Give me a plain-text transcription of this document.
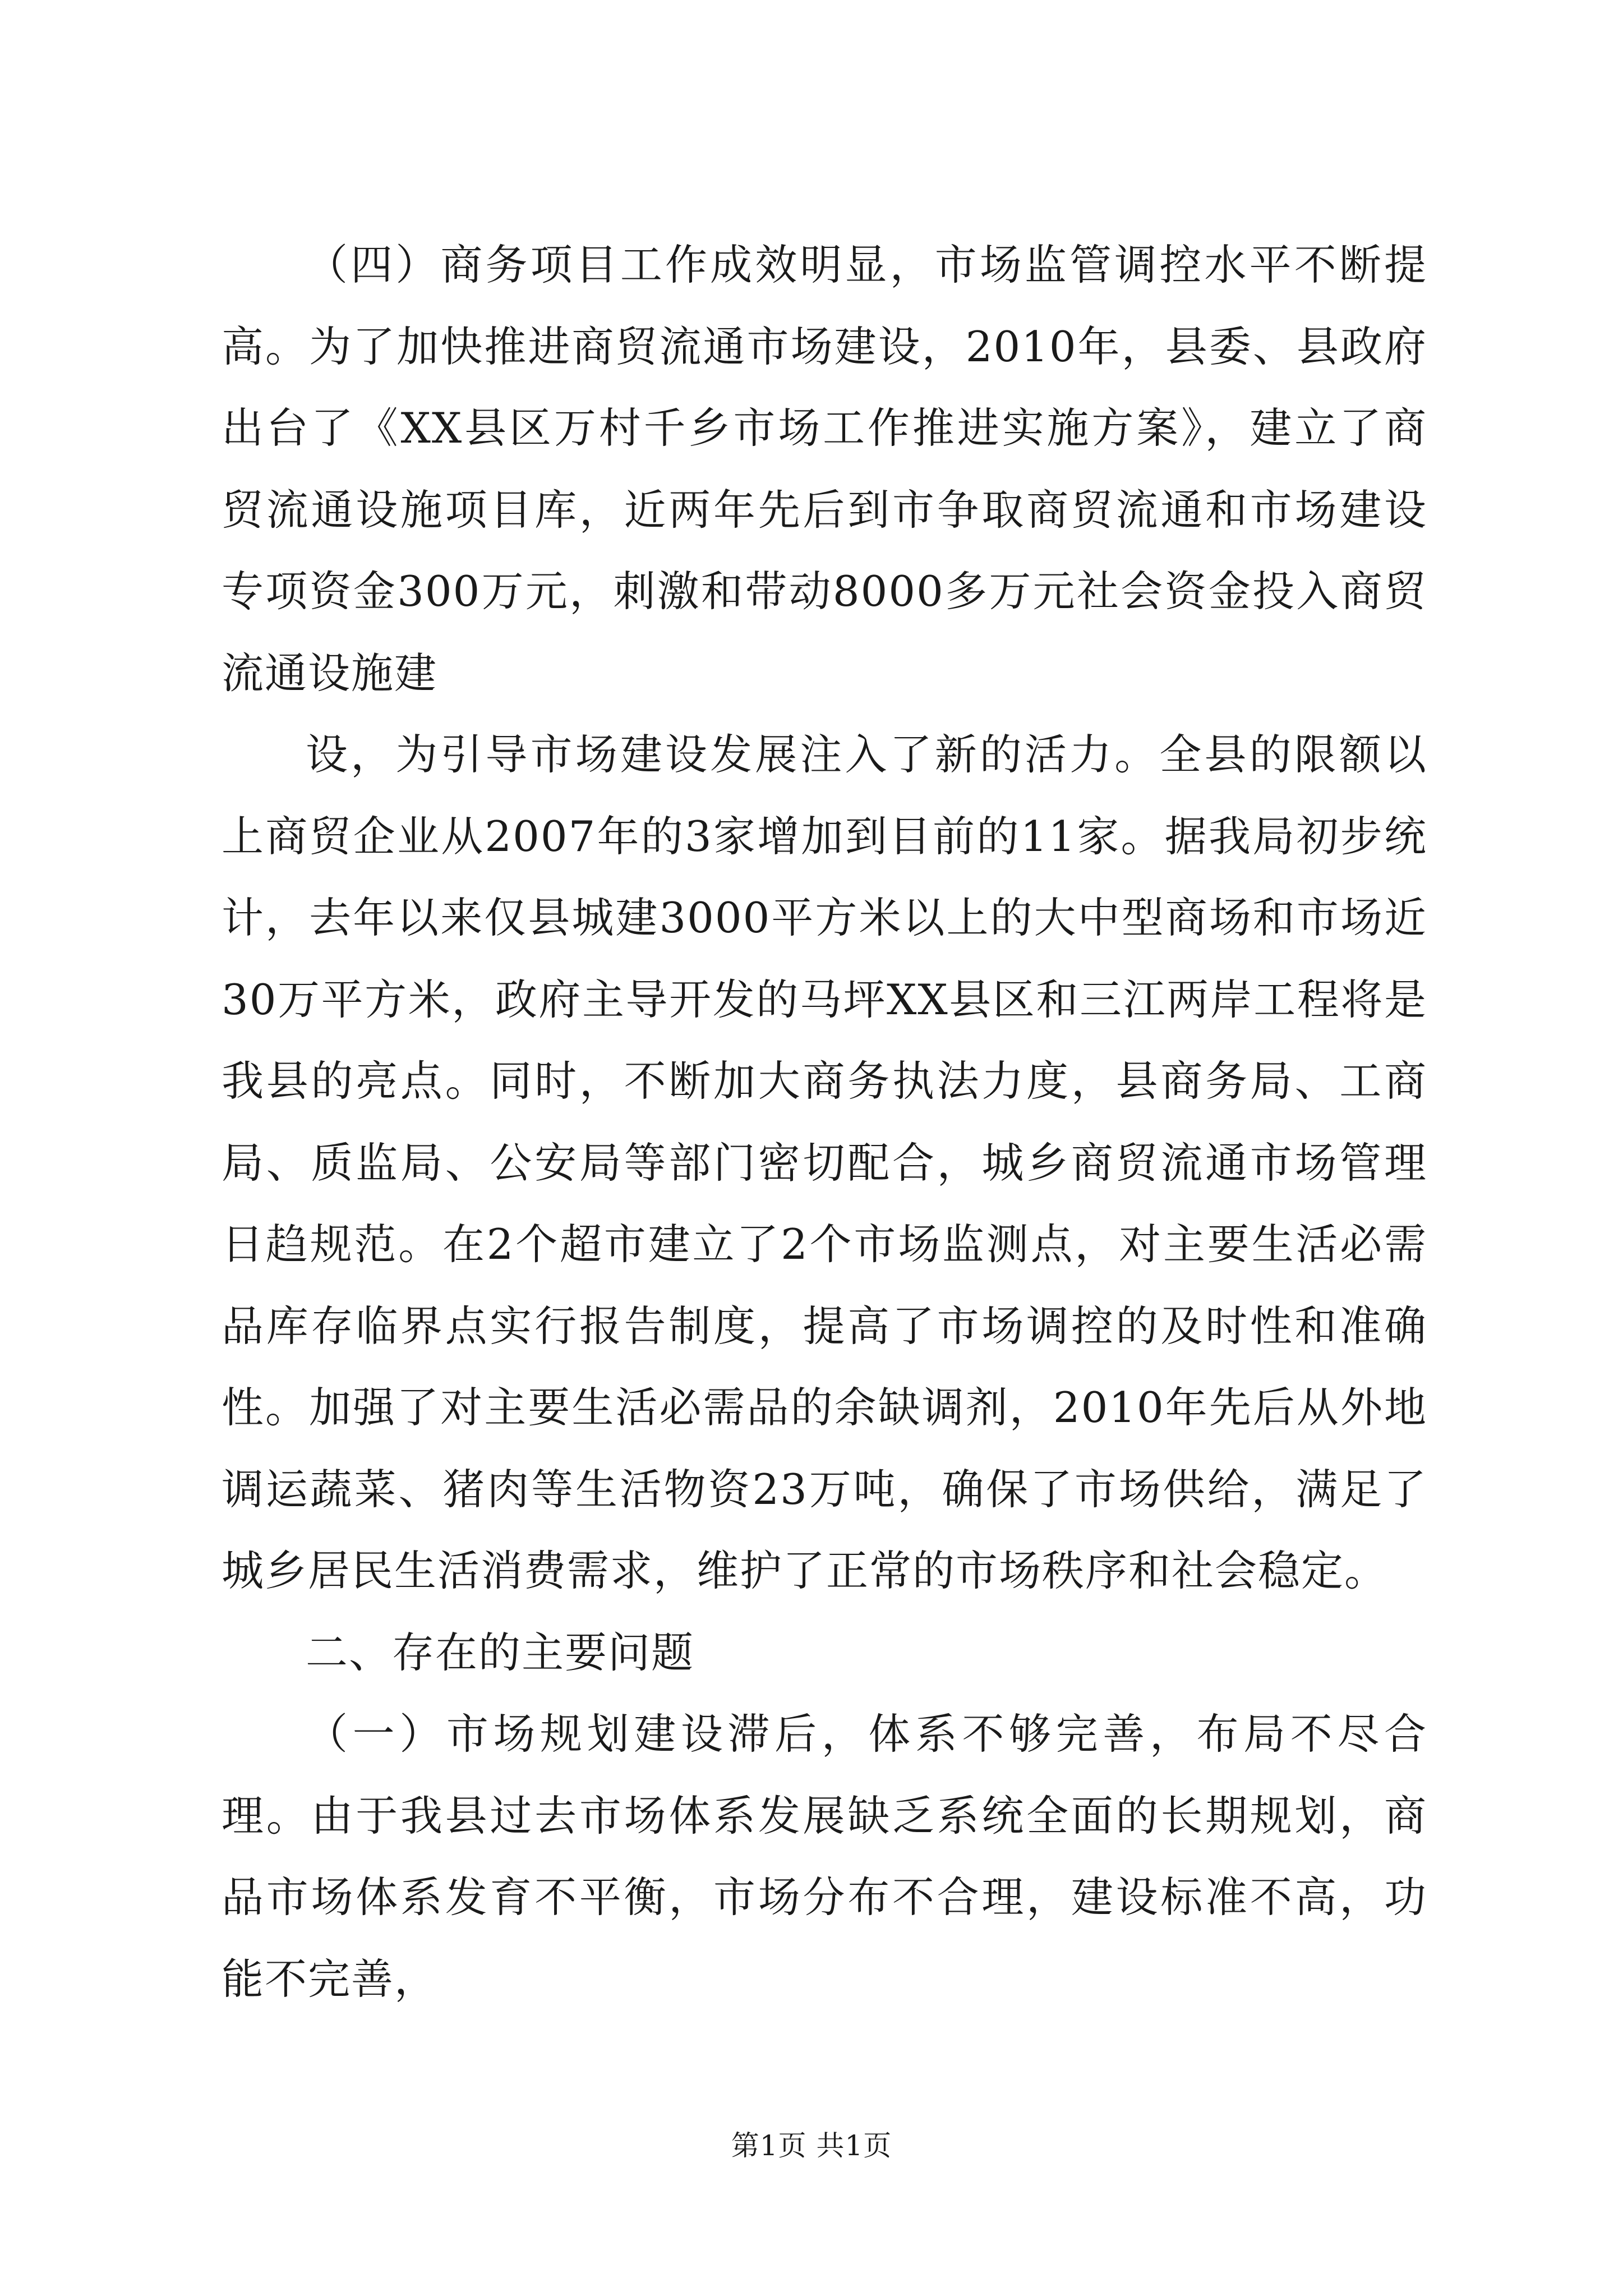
（四）商务项目工作成效明显，市场监管调控水平不断提高。为了加快推进商贸流通市场建设，2010年，县委、县政府出台了《XX县区万村千乡市场工作推进实施方案》，建立了商贸流通设施项目库，近两年先后到市争取商贸流通和市场建设专项资金300万元，刺激和带动8000多万元社会资金投入商贸流通设施建

设，为引导市场建设发展注入了新的活力。全县的限额以上商贸企业从2007年的3家增加到目前的11家。据我局初步统计，去年以来仅县城建3000平方米以上的大中型商场和市场近30万平方米，政府主导开发的马坪XX县区和三江两岸工程将是我县的亮点。同时，不断加大商务执法力度，县商务局、工商局、质监局、公安局等部门密切配合，城乡商贸流通市场管理日趋规范。在2个超市建立了2个市场监测点，对主要生活必需品库存临界点实行报告制度，提高了市场调控的及时性和准确性。加强了对主要生活必需品的余缺调剂，2010年先后从外地调运蔬菜、猪肉等生活物资23万吨，确保了市场供给，满足了城乡居民生活消费需求，维护了正常的市场秩序和社会稳定。

二、存在的主要问题

（一）市场规划建设滞后，体系不够完善，布局不尽合理。由于我县过去市场体系发展缺乏系统全面的长期规划，商品市场体系发育不平衡，市场分布不合理，建设标准不高，功能不完善，

第1页 共1页
